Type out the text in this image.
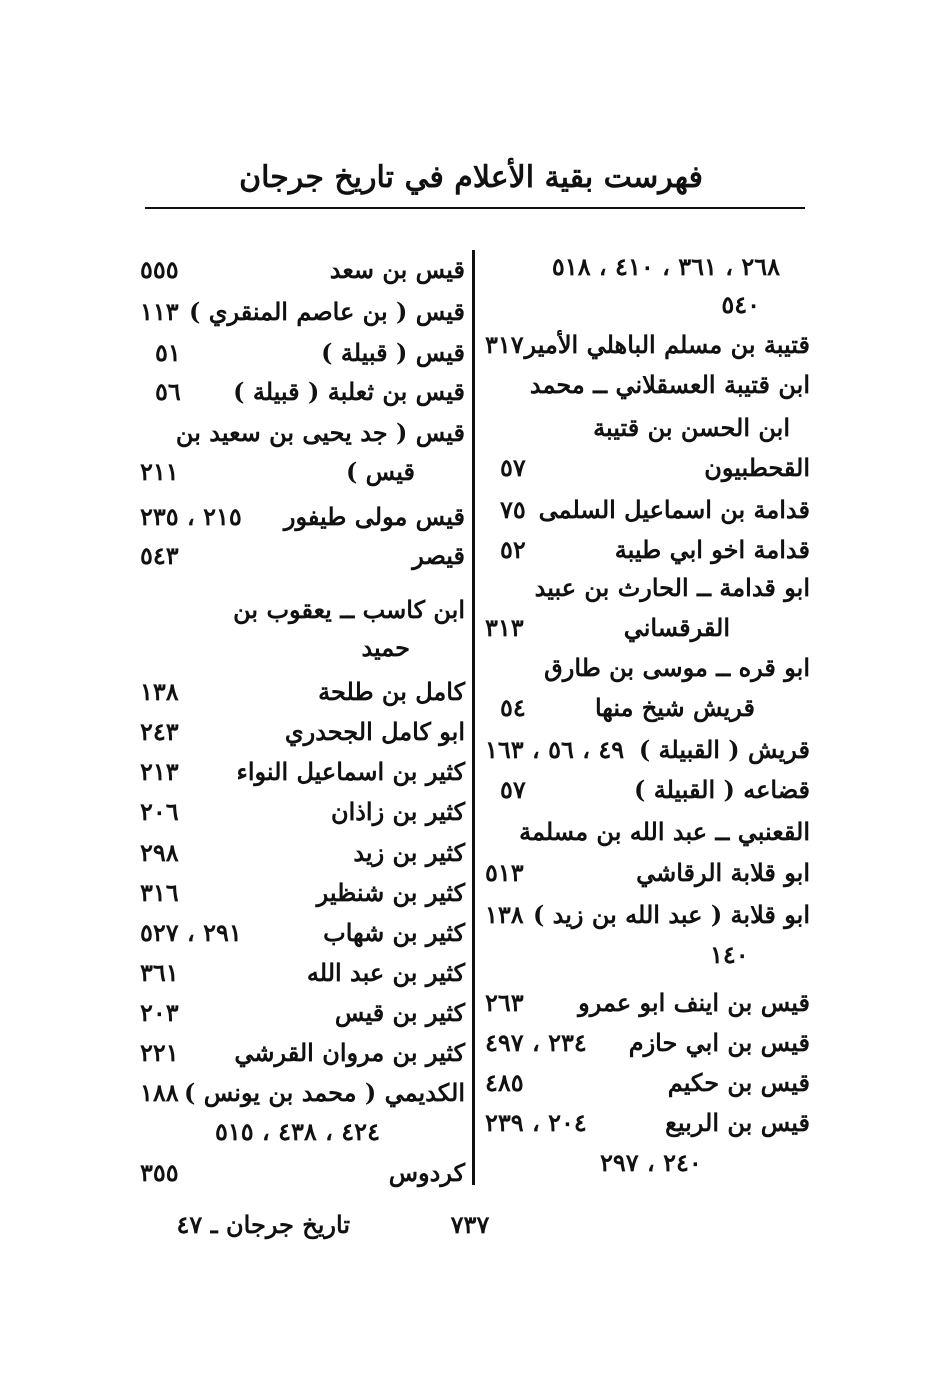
فهرست بقية الأعلام في تاريخ جرجان
٢٦٨ ، ٣٦١ ، ٤١٠ ، ٥١٨
٥٤٠
قتيبة بن مسلم الباهلي الأمير
٣١٧
ابن قتيبة العسقلاني ــ محمد
ابن الحسن بن قتيبة
القحطبيون
٥٧
قدامة بن اسماعيل السلمى
٧٥
قدامة اخو ابي طيبة
٥٢
ابو قدامة ــ الحارث بن عبيد
القرقساني
٣١٣
ابو قره ــ موسى بن طارق
قريش شيخ منها
٥٤
قريش ( القبيلة )
٤٩ ، ٥٦ ، ١٦٣
قضاعه ( القبيلة )
٥٧
القعنبي ــ عبد الله بن مسلمة
ابو قلابة الرقاشي
٥١٣
ابو قلابة ( عبد الله بن زيد )
١٣٨
١٤٠
قيس بن اينف ابو عمرو
٢٦٣
قيس بن ابي حازم
٢٣٤ ، ٤٩٧
قيس بن حكيم
٤٨٥
قيس بن الربيع
٢٠٤ ، ٢٣٩
٢٤٠ ، ٢٩٧
قيس بن سعد
٥٥٥
قيس ( بن عاصم المنقري )
١١٣
قيس ( قبيلة )
٥١
قيس بن ثعلبة ( قبيلة )
٥٦
قيس ( جد يحيى بن سعيد بن
قيس )
٢١١
قيس مولى طيفور
٢١٥ ، ٢٣٥
قيصر
٥٤٣
ابن كاسب ــ يعقوب بن
حميد
كامل بن طلحة
١٣٨
ابو كامل الجحدري
٢٤٣
كثير بن اسماعيل النواء
٢١٣
كثير بن زاذان
٢٠٦
كثير بن زيد
٢٩٨
كثير بن شنظير
٣١٦
كثير بن شهاب
٢٩١ ، ٥٢٧
كثير بن عبد الله
٣٦١
كثير بن قيس
٢٠٣
كثير بن مروان القرشي
٢٢١
الكديمي ( محمد بن يونس )
١٨٨
٤٢٤ ، ٤٣٨ ، ٥١٥
كردوس
٣٥٥
تاريخ جرجان ـ ٤٧	٧٣٧
